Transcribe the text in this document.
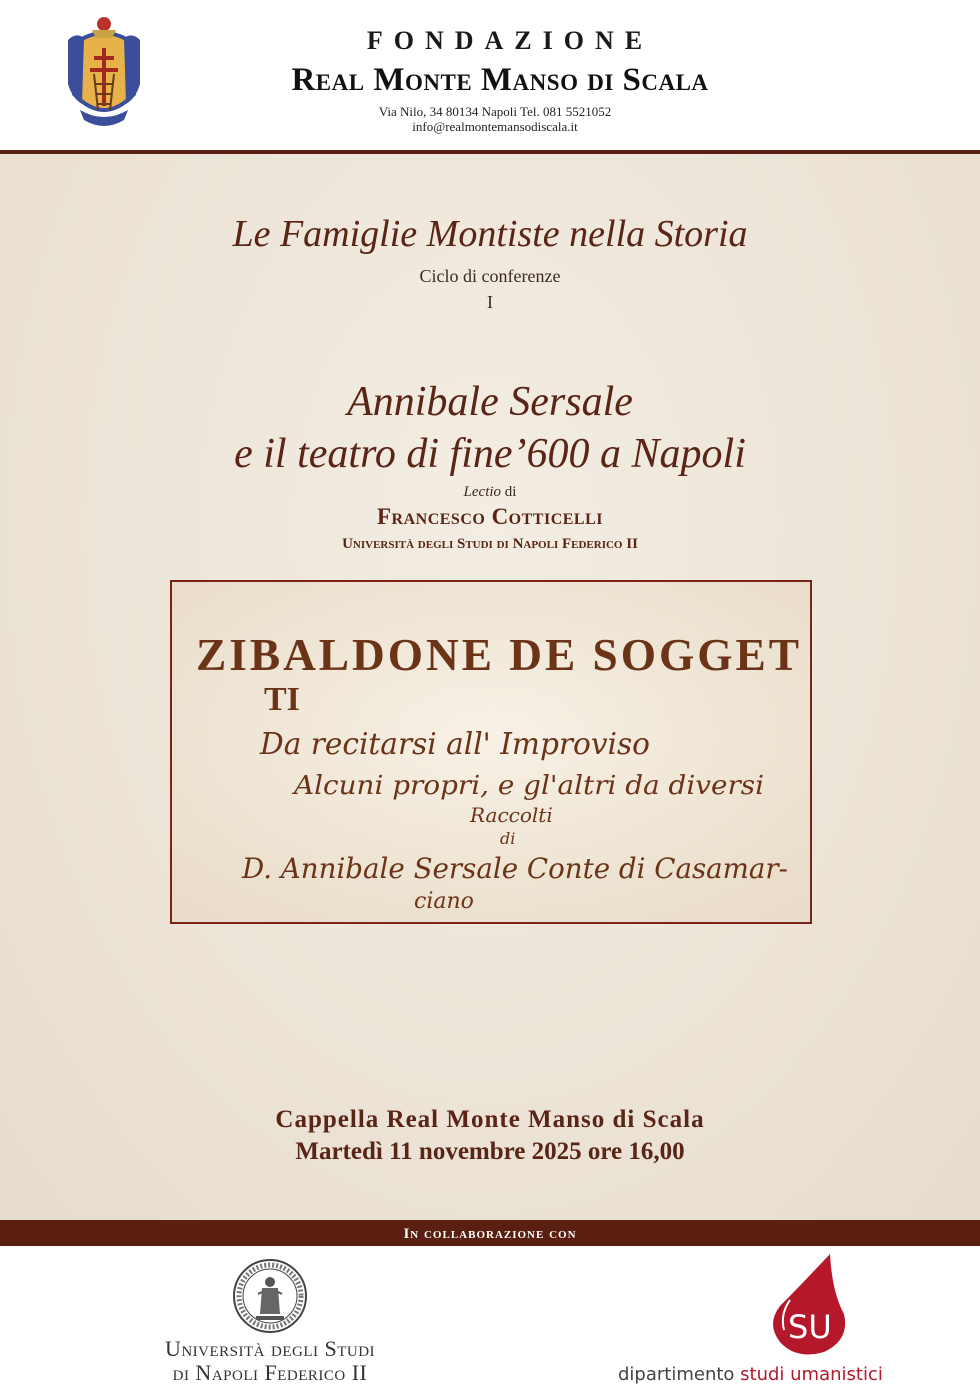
FONDAZIONE
Real Monte Manso di Scala
Via Nilo, 34 80134 Napoli Tel. 081 5521052
info@realmontemansodiscala.it
Le Famiglie Montiste nella Storia
Ciclo di conferenze
I
Annibale Sersale
e il teatro di fine’600 a Napoli
Lectio di
Francesco Cotticelli
Università degli Studi di Napoli Federico II
ZIBALDONE DE SOGGET
TI
Da recitarsi all' Improviso
Alcuni propri, e gl'altri da diversi
Raccolti
di
D. Annibale Sersale Conte di Casamar-
ciano
Cappella Real Monte Manso di Scala
Martedì 11 novembre 2025 ore 16,00
In collaborazione con
Università degli Studi
di Napoli Federico II
SU
dipartimento studi umanistici
